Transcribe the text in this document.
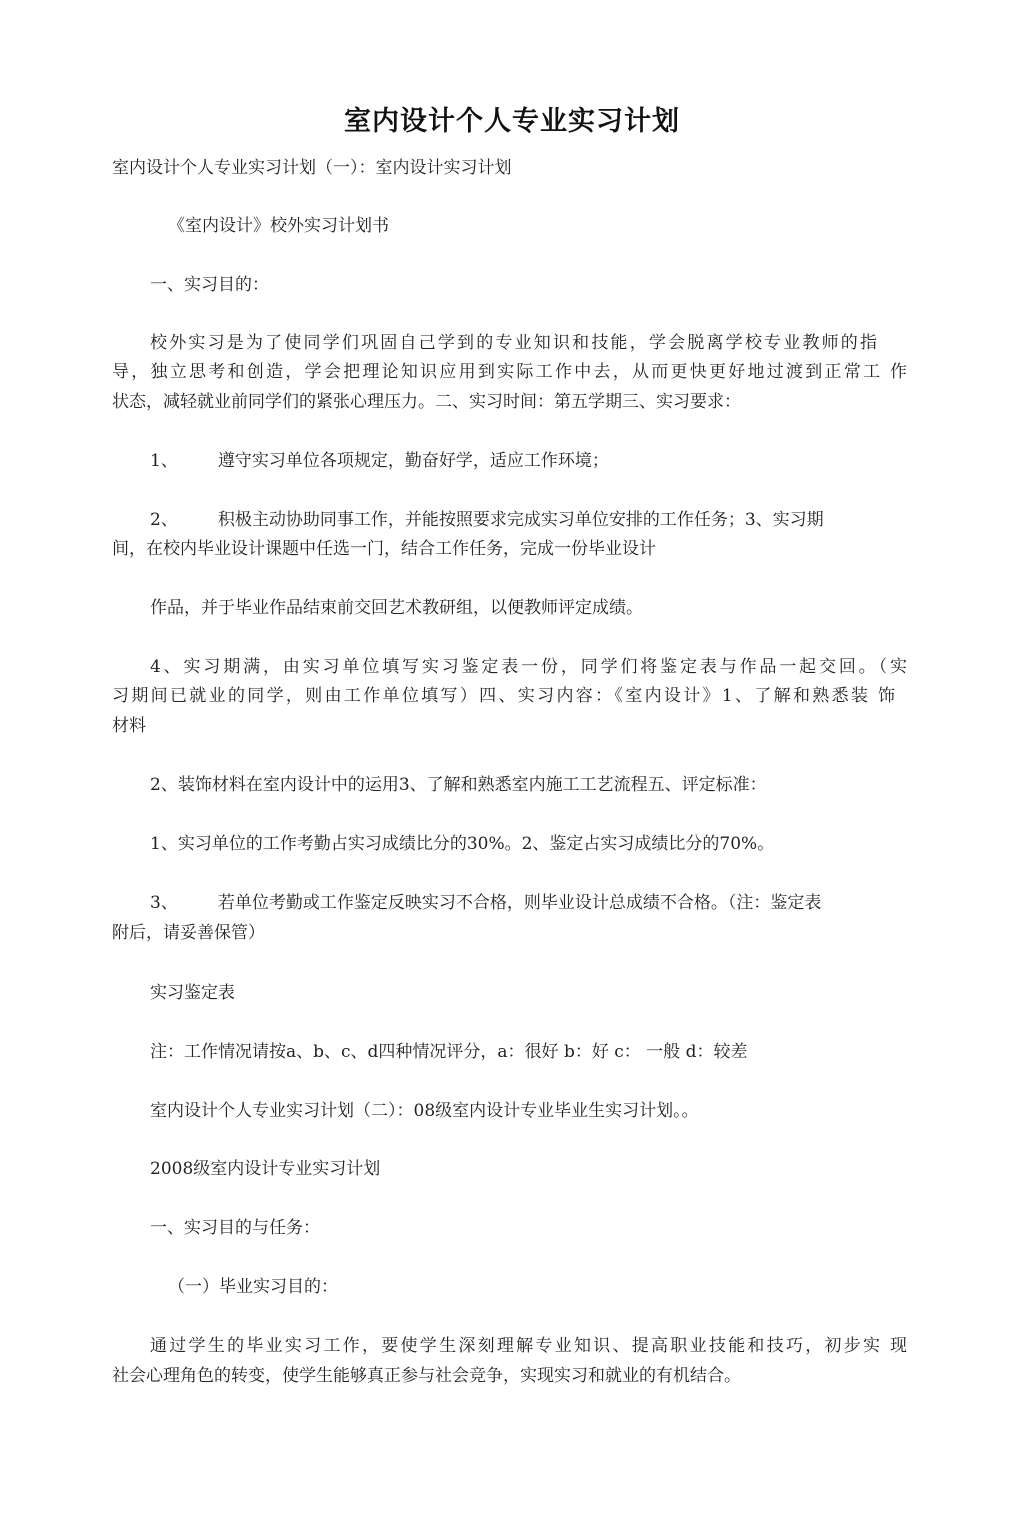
室内设计个人专业实习计划
室内设计个人专业实习计划（一）：室内设计实习计划
《室内设计》校外实习计划书
一、实习目的：
校外实习是为了使同学们巩固自己学到的专业知识和技能，学会脱离学校专业教师的指
导，独立思考和创造，学会把理论知识应用到实际工作中去，从而更快更好地过渡到正常工 作
状态，减轻就业前同学们的紧张心理压力。二、实习时间：第五学期三、实习要求：
1、 遵守实习单位各项规定，勤奋好学，适应工作环境；
2、 积极主动协助同事工作，并能按照要求完成实习单位安排的工作任务；3、实习期
间，在校内毕业设计课题中任选一门，结合工作任务，完成一份毕业设计
作品，并于毕业作品结束前交回艺术教研组，以便教师评定成绩。
4、实习期满，由实习单位填写实习鉴定表一份，同学们将鉴定表与作品一起交回。（实
习期间已就业的同学，则由工作单位填写）四、实习内容：《室内设计》1、了解和熟悉装 饰
材料
2、装饰材料在室内设计中的运用3、了解和熟悉室内施工工艺流程五、评定标准：
1、实习单位的工作考勤占实习成绩比分的30%。2、鉴定占实习成绩比分的70%。
3、 若单位考勤或工作鉴定反映实习不合格，则毕业设计总成绩不合格。（注：鉴定表
附后，请妥善保管）
实习鉴定表
注：工作情况请按a、b、c、d四种情况评分，a：很好 b：好 c： 一般 d：较差
室内设计个人专业实习计划（二）：08级室内设计专业毕业生实习计划。。
2008级室内设计专业实习计划
一、实习目的与任务：
（一）毕业实习目的：
通过学生的毕业实习工作，要使学生深刻理解专业知识、提高职业技能和技巧，初步实 现
社会心理角色的转变，使学生能够真正参与社会竞争，实现实习和就业的有机结合。
